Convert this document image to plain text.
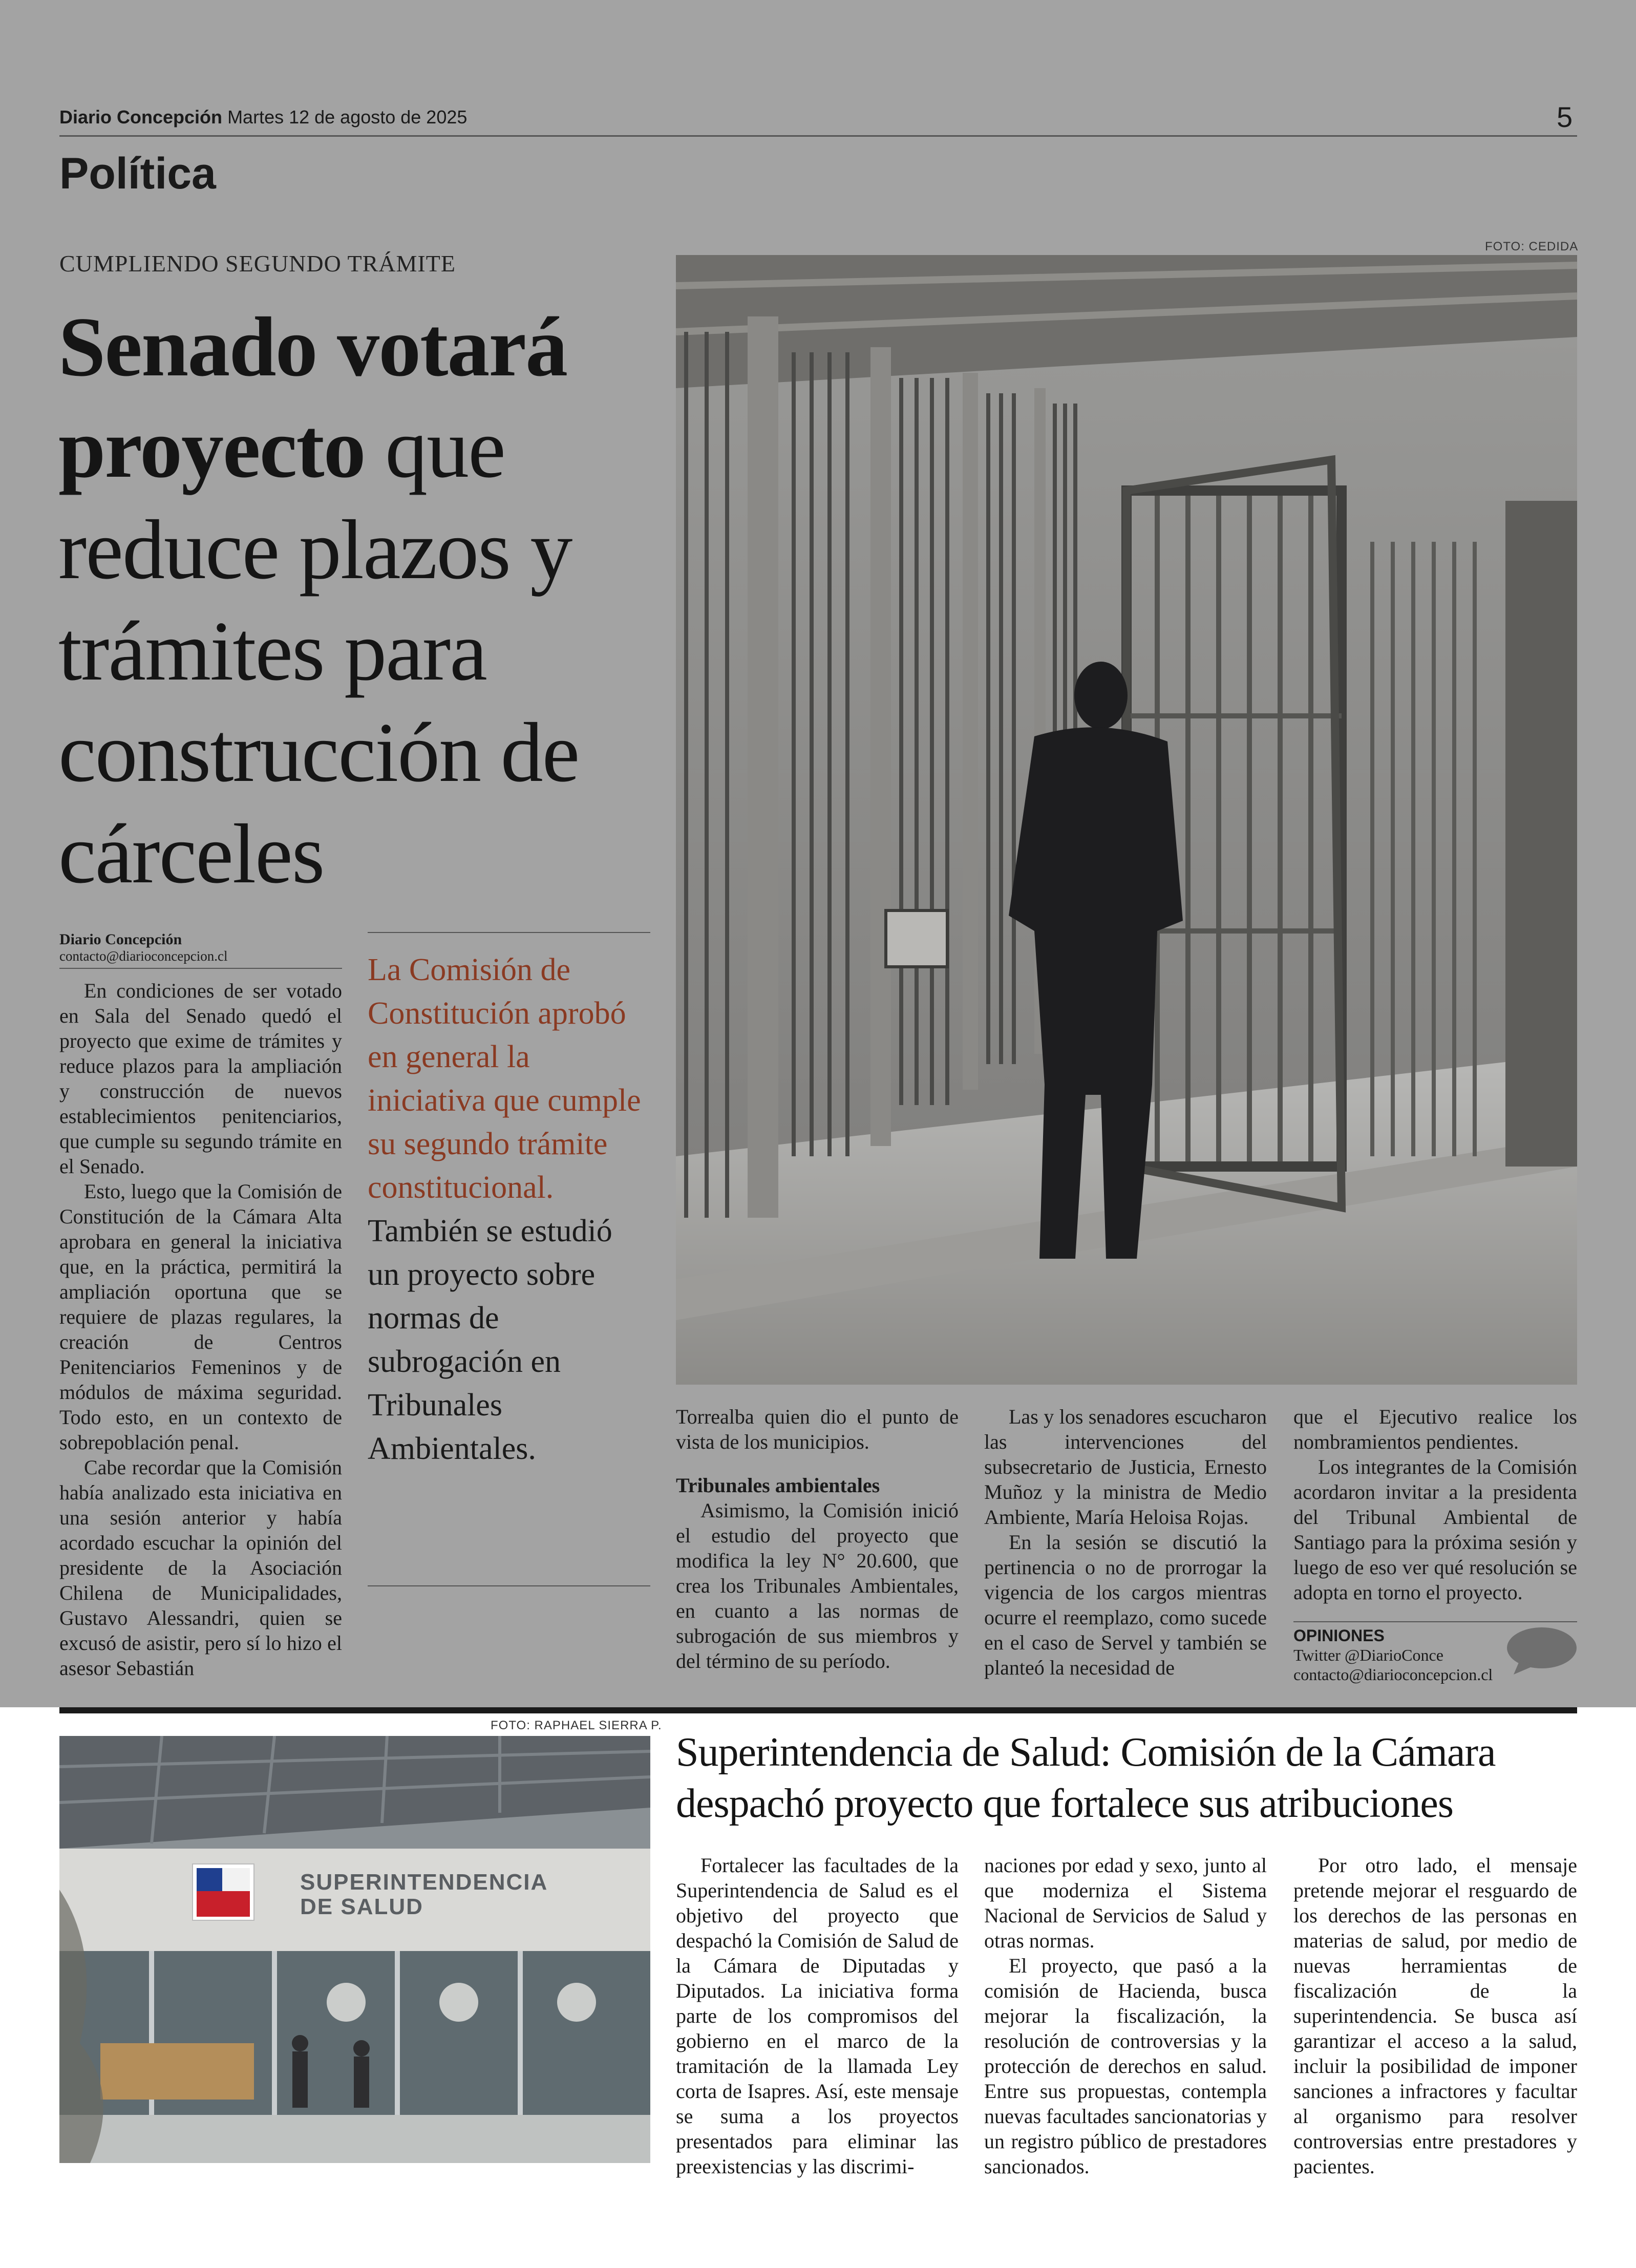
Diario Concepción Martes 12 de agosto de 2025	5
Política
CUMPLIENDO SEGUNDO TRÁMITE
Senado votará proyecto que reduce plazos y trámites para construcción de cárceles
Diario Concepción
contacto@diarioconcepcion.cl

En condiciones de ser votado en Sala del Senado quedó el proyecto que exime de trámites y reduce plazos para la ampliación y construcción de nuevos establecimientos penitenciarios, que cumple su segundo trámite en el Senado.

Esto, luego que la Comisión de Constitución de la Cámara Alta aprobara en general la iniciativa que, en la práctica, permitirá la ampliación oportuna que se requiere de plazas regulares, la creación de Centros Penitenciarios Femeninos y de módulos de máxima seguridad. Todo esto, en un contexto de sobrepoblación penal.

Cabe recordar que la Comisión había analizado esta iniciativa en una sesión anterior y había acordado escuchar la opinión del presidente de la Asociación Chilena de Municipalidades, Gustavo Alessandri, quien se excusó de asistir, pero sí lo hizo el asesor Sebastián

La Comisión de Constitución aprobó en general la iniciativa que cumple su segundo trámite constitucional. También se estudió un proyecto sobre normas de subrogación en Tribunales Ambientales.
FOTO: CEDIDA

Torrealba quien dio el punto de vista de los municipios.

Tribunales ambientales

Asimismo, la Comisión inició el estudio del proyecto que modifica la ley N° 20.600, que crea los Tribunales Ambientales, en cuanto a las normas de subrogación de sus miembros y del término de su período.

Las y los senadores escucharon las intervenciones del subsecretario de Justicia, Ernesto Muñoz y la ministra de Medio Ambiente, María Heloisa Rojas.

En la sesión se discutió la pertinencia o no de prorrogar la vigencia de los cargos mientras ocurre el reemplazo, como sucede en el caso de Servel y también se planteó la necesidad de

que el Ejecutivo realice los nombramientos pendientes.

Los integrantes de la Comisión acordaron invitar a la presidenta del Tribunal Ambiental de Santiago para la próxima sesión y luego de eso ver qué resolución se adopta en torno el proyecto.

OPINIONES
Twitter @DiarioConce
contacto@diarioconcepcion.cl
FOTO: RAPHAEL SIERRA P.
SUPERINTENDENCIA DE SALUD
Superintendencia de Salud: Comisión de la Cámara despachó proyecto que fortalece sus atribuciones

Fortalecer las facultades de la Superintendencia de Salud es el objetivo del proyecto que despachó la Comisión de Salud de la Cámara de Diputadas y Diputados. La iniciativa forma parte de los compromisos del gobierno en el marco de la tramitación de la llamada Ley corta de Isapres. Así, este mensaje se suma a los proyectos presentados para eliminar las preexistencias y las discrimi-

naciones por edad y sexo, junto al que moderniza el Sistema Nacional de Servicios de Salud y otras normas.

El proyecto, que pasó a la comisión de Hacienda, busca mejorar la fiscalización, la resolución de controversias y la protección de derechos en salud. Entre sus propuestas, contempla nuevas facultades sancionatorias y un registro público de prestadores sancionados.

Por otro lado, el mensaje pretende mejorar el resguardo de los derechos de las personas en materias de salud, por medio de nuevas herramientas de fiscalización de la superintendencia. Se busca así garantizar el acceso a la salud, incluir la posibilidad de imponer sanciones a infractores y facultar al organismo para resolver controversias entre prestadores y pacientes.
